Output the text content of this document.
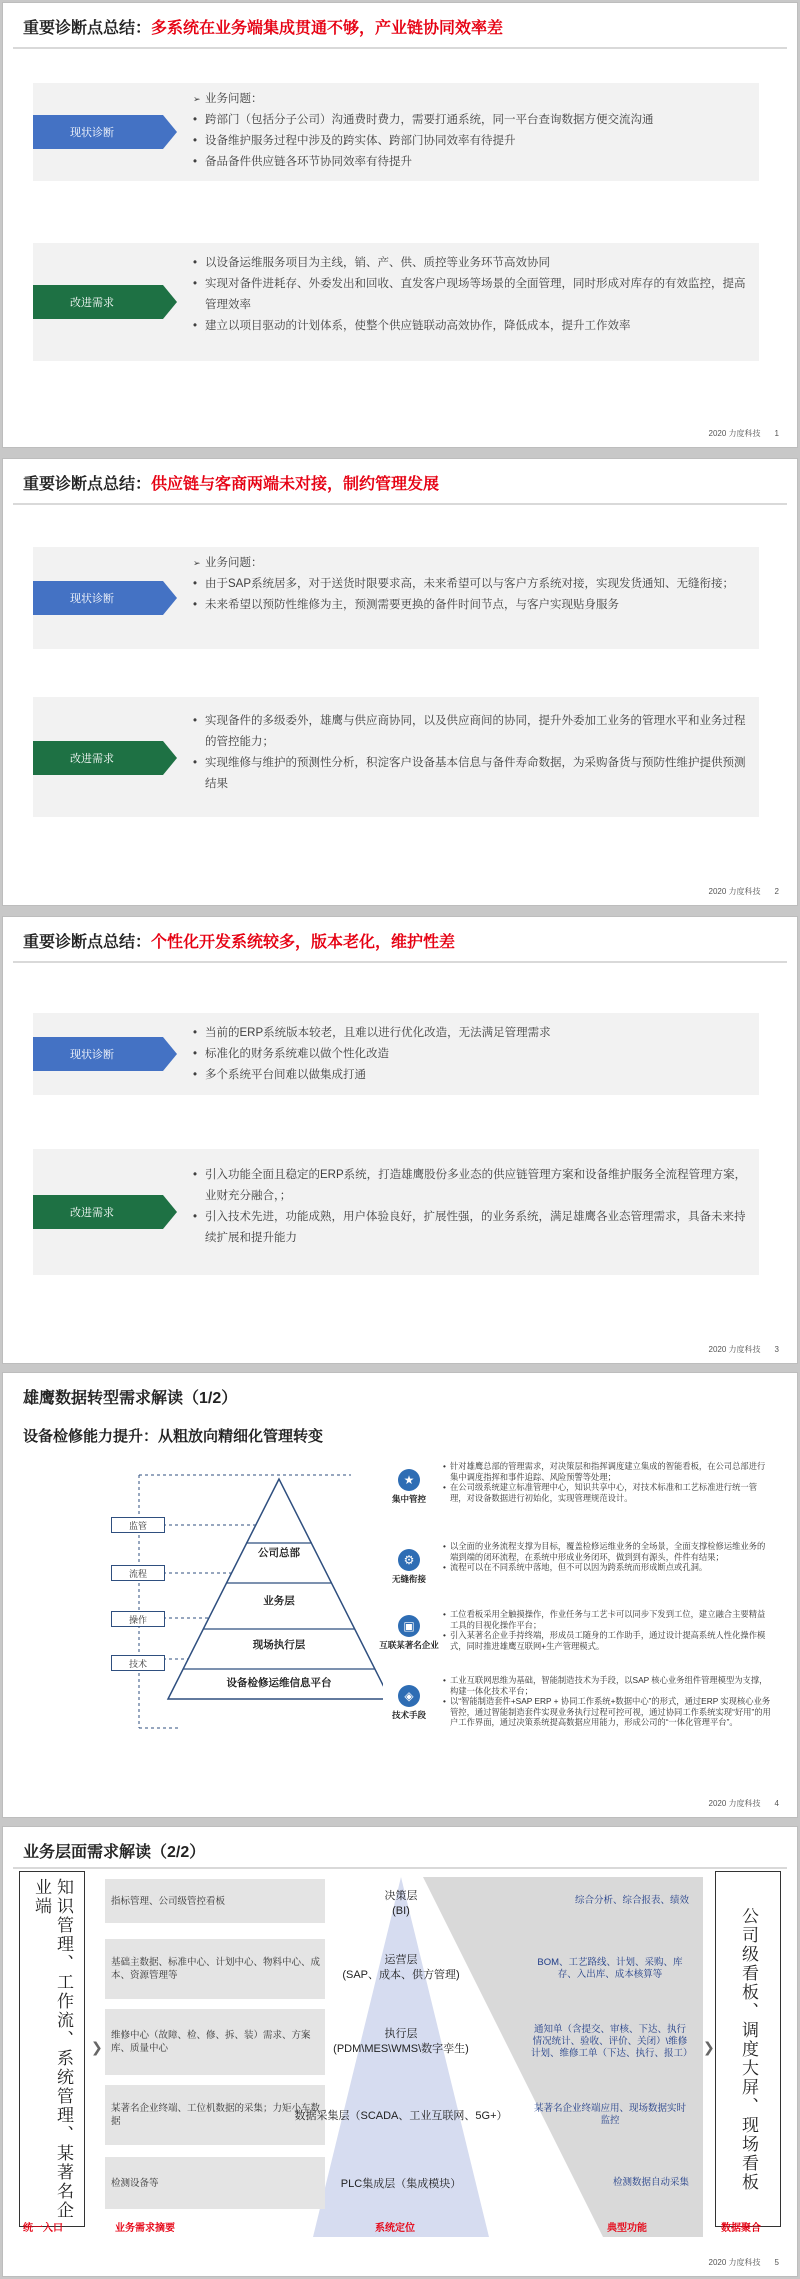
重要诊断点总结：多系统在业务端集成贯通不够，产业链协同效率差
现状诊断
➢ 业务问题：
• 跨部门（包括分子公司）沟通费时费力，需要打通系统，同一平台查询数据方便交流沟通
• 设备维护服务过程中涉及的跨实体、跨部门协同效率有待提升
• 备品备件供应链各环节协同效率有待提升
改进需求
• 以设备运维服务项目为主线，销、产、供、质控等业务环节高效协同
• 实现对备件进耗存、外委发出和回收、直发客户现场等场景的全面管理，同时形成对库存的有效监控，提高管理效率
• 建立以项目驱动的计划体系，使整个供应链联动高效协作，降低成本，提升工作效率
2020 力度科技 1
重要诊断点总结：供应链与客商两端未对接，制约管理发展
现状诊断
➢ 业务问题：
• 由于SAP系统居多，对于送货时限要求高，未来希望可以与客户方系统对接，实现发货通知、无缝衔接；
• 未来希望以预防性维修为主，预测需要更换的备件时间节点，与客户实现贴身服务
改进需求
• 实现备件的多级委外，雄鹰与供应商协同，以及供应商间的协同，提升外委加工业务的管理水平和业务过程的管控能力；
• 实现维修与维护的预测性分析，积淀客户设备基本信息与备件寿命数据，为采购备货与预防性维护提供预测结果
2020 力度科技 2
重要诊断点总结：个性化开发系统较多，版本老化，维护性差
现状诊断
• 当前的ERP系统版本较老，且难以进行优化改造，无法满足管理需求
• 标准化的财务系统难以做个性化改造
• 多个系统平台间难以做集成打通
改进需求
• 引入功能全面且稳定的ERP系统，打造雄鹰股份多业态的供应链管理方案和设备维护服务全流程管理方案，业财充分融合，；
• 引入技术先进，功能成熟，用户体验良好，扩展性强，的业务系统，满足雄鹰各业态管理需求，具备未来持续扩展和提升能力
2020 力度科技 3
雄鹰数据转型需求解读（1/2）
设备检修能力提升：从粗放向精细化管理转变
监管
流程
操作
技术
公司总部
业务层
现场执行层
设备检修运维信息平台
★
集中管控
• 针对雄鹰总部的管理需求，对决策层和指挥调度建立集成的智能看板，在公司总部进行集中调度指挥和事件追踪、风险预警等处理；
• 在公司级系统建立标准管理中心，知识共享中心，对技术标准和工艺标准进行统一管理，对设备数据进行初始化，实现管理规范设计。
⚙
无缝衔接
• 以全面的业务流程支撑为目标，覆盖检修运维业务的全场景，全面支撑检修运维业务的端到端的闭环流程，在系统中形成业务闭环，做到到有源头，件件有结果；
• 流程可以在不同系统中落地，但不可以因为跨系统而形成断点或孔洞。
▣
互联某著名企业
• 工位看板采用全触摸操作，作业任务与工艺卡可以同步下发到工位，建立融合主要精益工具的目视化操作平台；
• 引入某著名企业手持终端，形成员工随身的工作助手，通过设计提高系统人性化操作模式，同时推进雄鹰互联网+生产管理模式。
◈
技术手段
• 工业互联网思维为基础，智能制造技术为手段，以SAP 核心业务组件管理模型为支撑，构建一体化技术平台；
• 以“智能制造套件+SAP ERP + 协同工作系统+数据中心”的形式，通过ERP 实现核心业务管控，通过智能制造套件实现业务执行过程可控可视，通过协同工作系统实现“好用”的用户工作界面，通过决策系统提高数据应用能力，形成公司的“一体化管理平台”。
2020 力度科技 4
业务层面需求解读（2/2）
知识管理、工作流、系统管理、某著名企业端
公司级看板、调度大屏、现场看板
❯	❯
指标管理、公司级管控看板
基础主数据、标准中心、计划中心、物料中心、成本、资源管理等
维修中心（故障、检、修、拆、装）需求、方案库、质量中心
某著名企业终端、工位机数据的采集；力矩小车数据
检测设备等
决策层
(BI)
运营层
(SAP、成本、供方管理)
执行层
(PDM\MES\WMS\数字孪生)
数据采集层（SCADA、工业互联网、5G+）
PLC集成层（集成模块）
综合分析、综合报表、绩效
BOM、工艺路线、计划、采购、库存、入出库、成本核算等
通知单（含提交、审核、下达、执行情况统计、验收、评价、关闭）\维修计划、维修工单（下达、执行、报工）
某著名企业终端应用、现场数据实时监控
检测数据自动采集
统一入口	业务需求摘要	系统定位	典型功能	数据聚合
2020 力度科技 5
